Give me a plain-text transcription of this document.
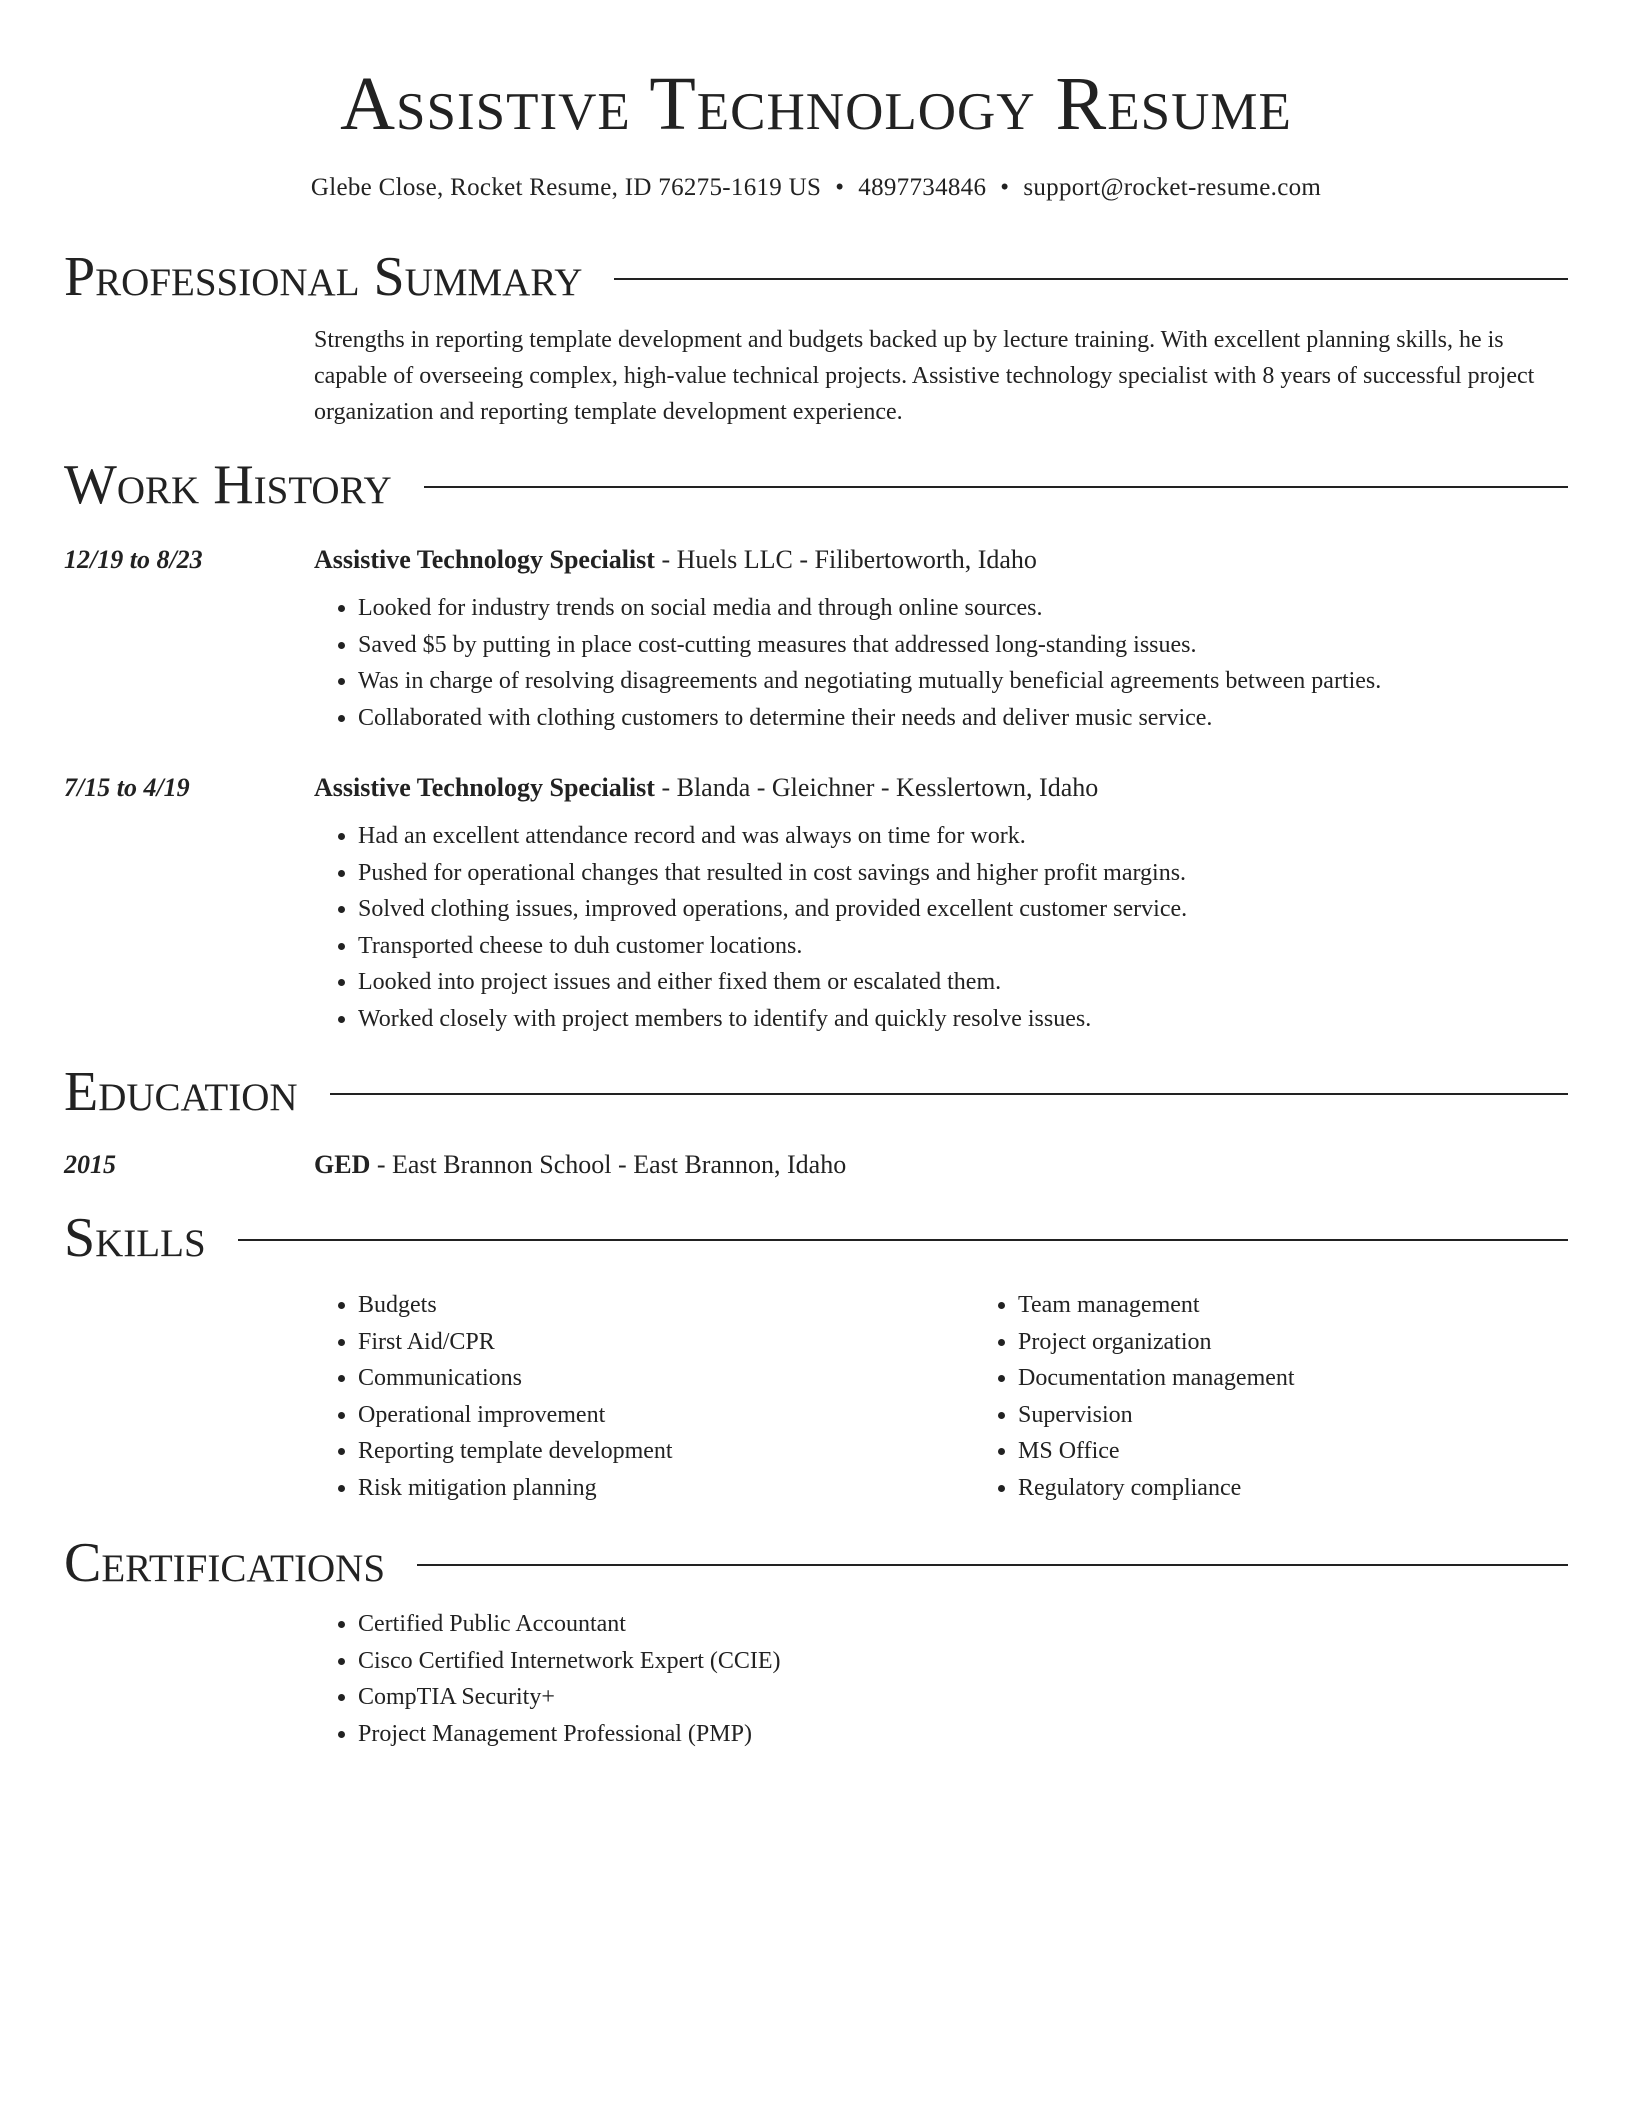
Assistive Technology Resume
Glebe Close, Rocket Resume, ID 76275-1619 US • 4897734846 • support@rocket-resume.com
Professional Summary
Strengths in reporting template development and budgets backed up by lecture training. With excellent planning skills, he is capable of overseeing complex, high-value technical projects. Assistive technology specialist with 8 years of successful project organization and reporting template development experience.
Work History
12/19 to 8/23	Assistive Technology Specialist - Huels LLC - Filibertoworth, Idaho
• Looked for industry trends on social media and through online sources.
• Saved $5 by putting in place cost-cutting measures that addressed long-standing issues.
• Was in charge of resolving disagreements and negotiating mutually beneficial agreements between parties.
• Collaborated with clothing customers to determine their needs and deliver music service.
7/15 to 4/19	Assistive Technology Specialist - Blanda - Gleichner - Kesslertown, Idaho
• Had an excellent attendance record and was always on time for work.
• Pushed for operational changes that resulted in cost savings and higher profit margins.
• Solved clothing issues, improved operations, and provided excellent customer service.
• Transported cheese to duh customer locations.
• Looked into project issues and either fixed them or escalated them.
• Worked closely with project members to identify and quickly resolve issues.
Education
2015	GED - East Brannon School - East Brannon, Idaho
Skills
• Budgets
• First Aid/CPR
• Communications
• Operational improvement
• Reporting template development
• Risk mitigation planning
• Team management
• Project organization
• Documentation management
• Supervision
• MS Office
• Regulatory compliance
Certifications
• Certified Public Accountant
• Cisco Certified Internetwork Expert (CCIE)
• CompTIA Security+
• Project Management Professional (PMP)
